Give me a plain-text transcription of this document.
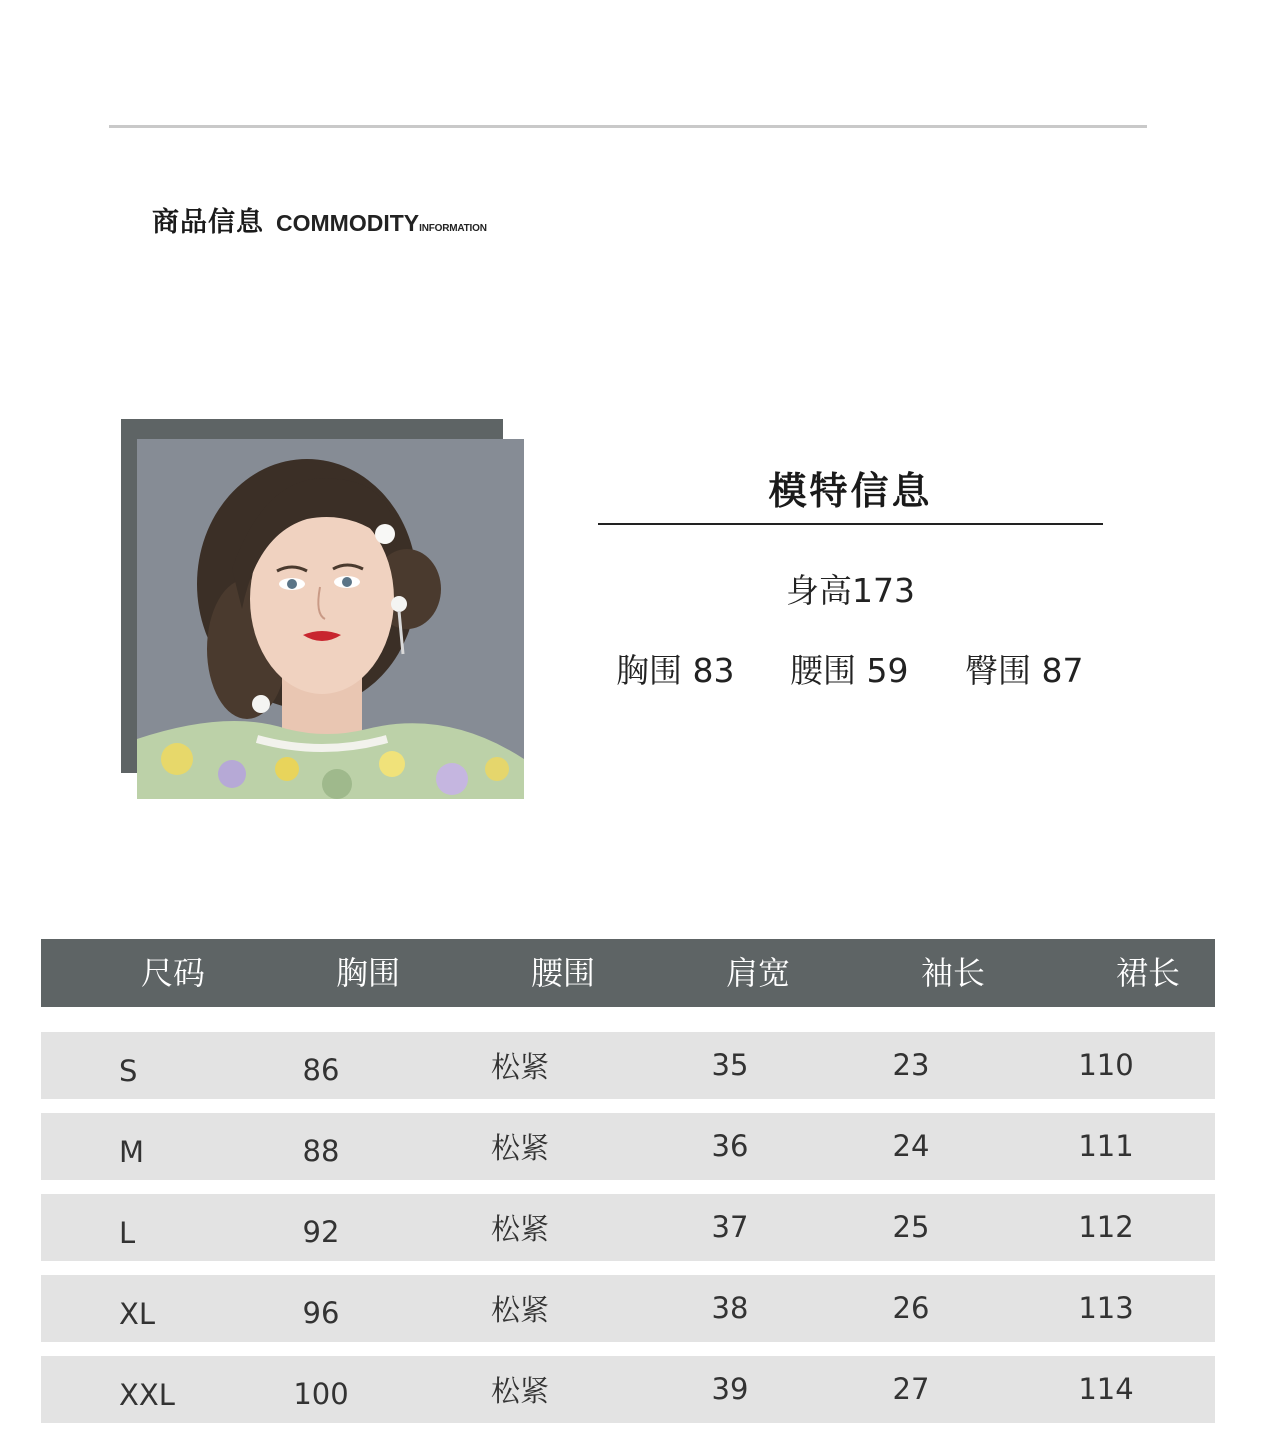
商品信息 COMMODITYINFORMATION
模特信息
身高173
胸围 83 腰围 59 臀围 87
尺码	胸围	腰围	肩宽	袖长	裙长
S	86	松紧	35	23	110
M	88	松紧	36	24	111
L	92	松紧	37	25	112
XL	96	松紧	38	26	113
XXL	100	松紧	39	27	114
